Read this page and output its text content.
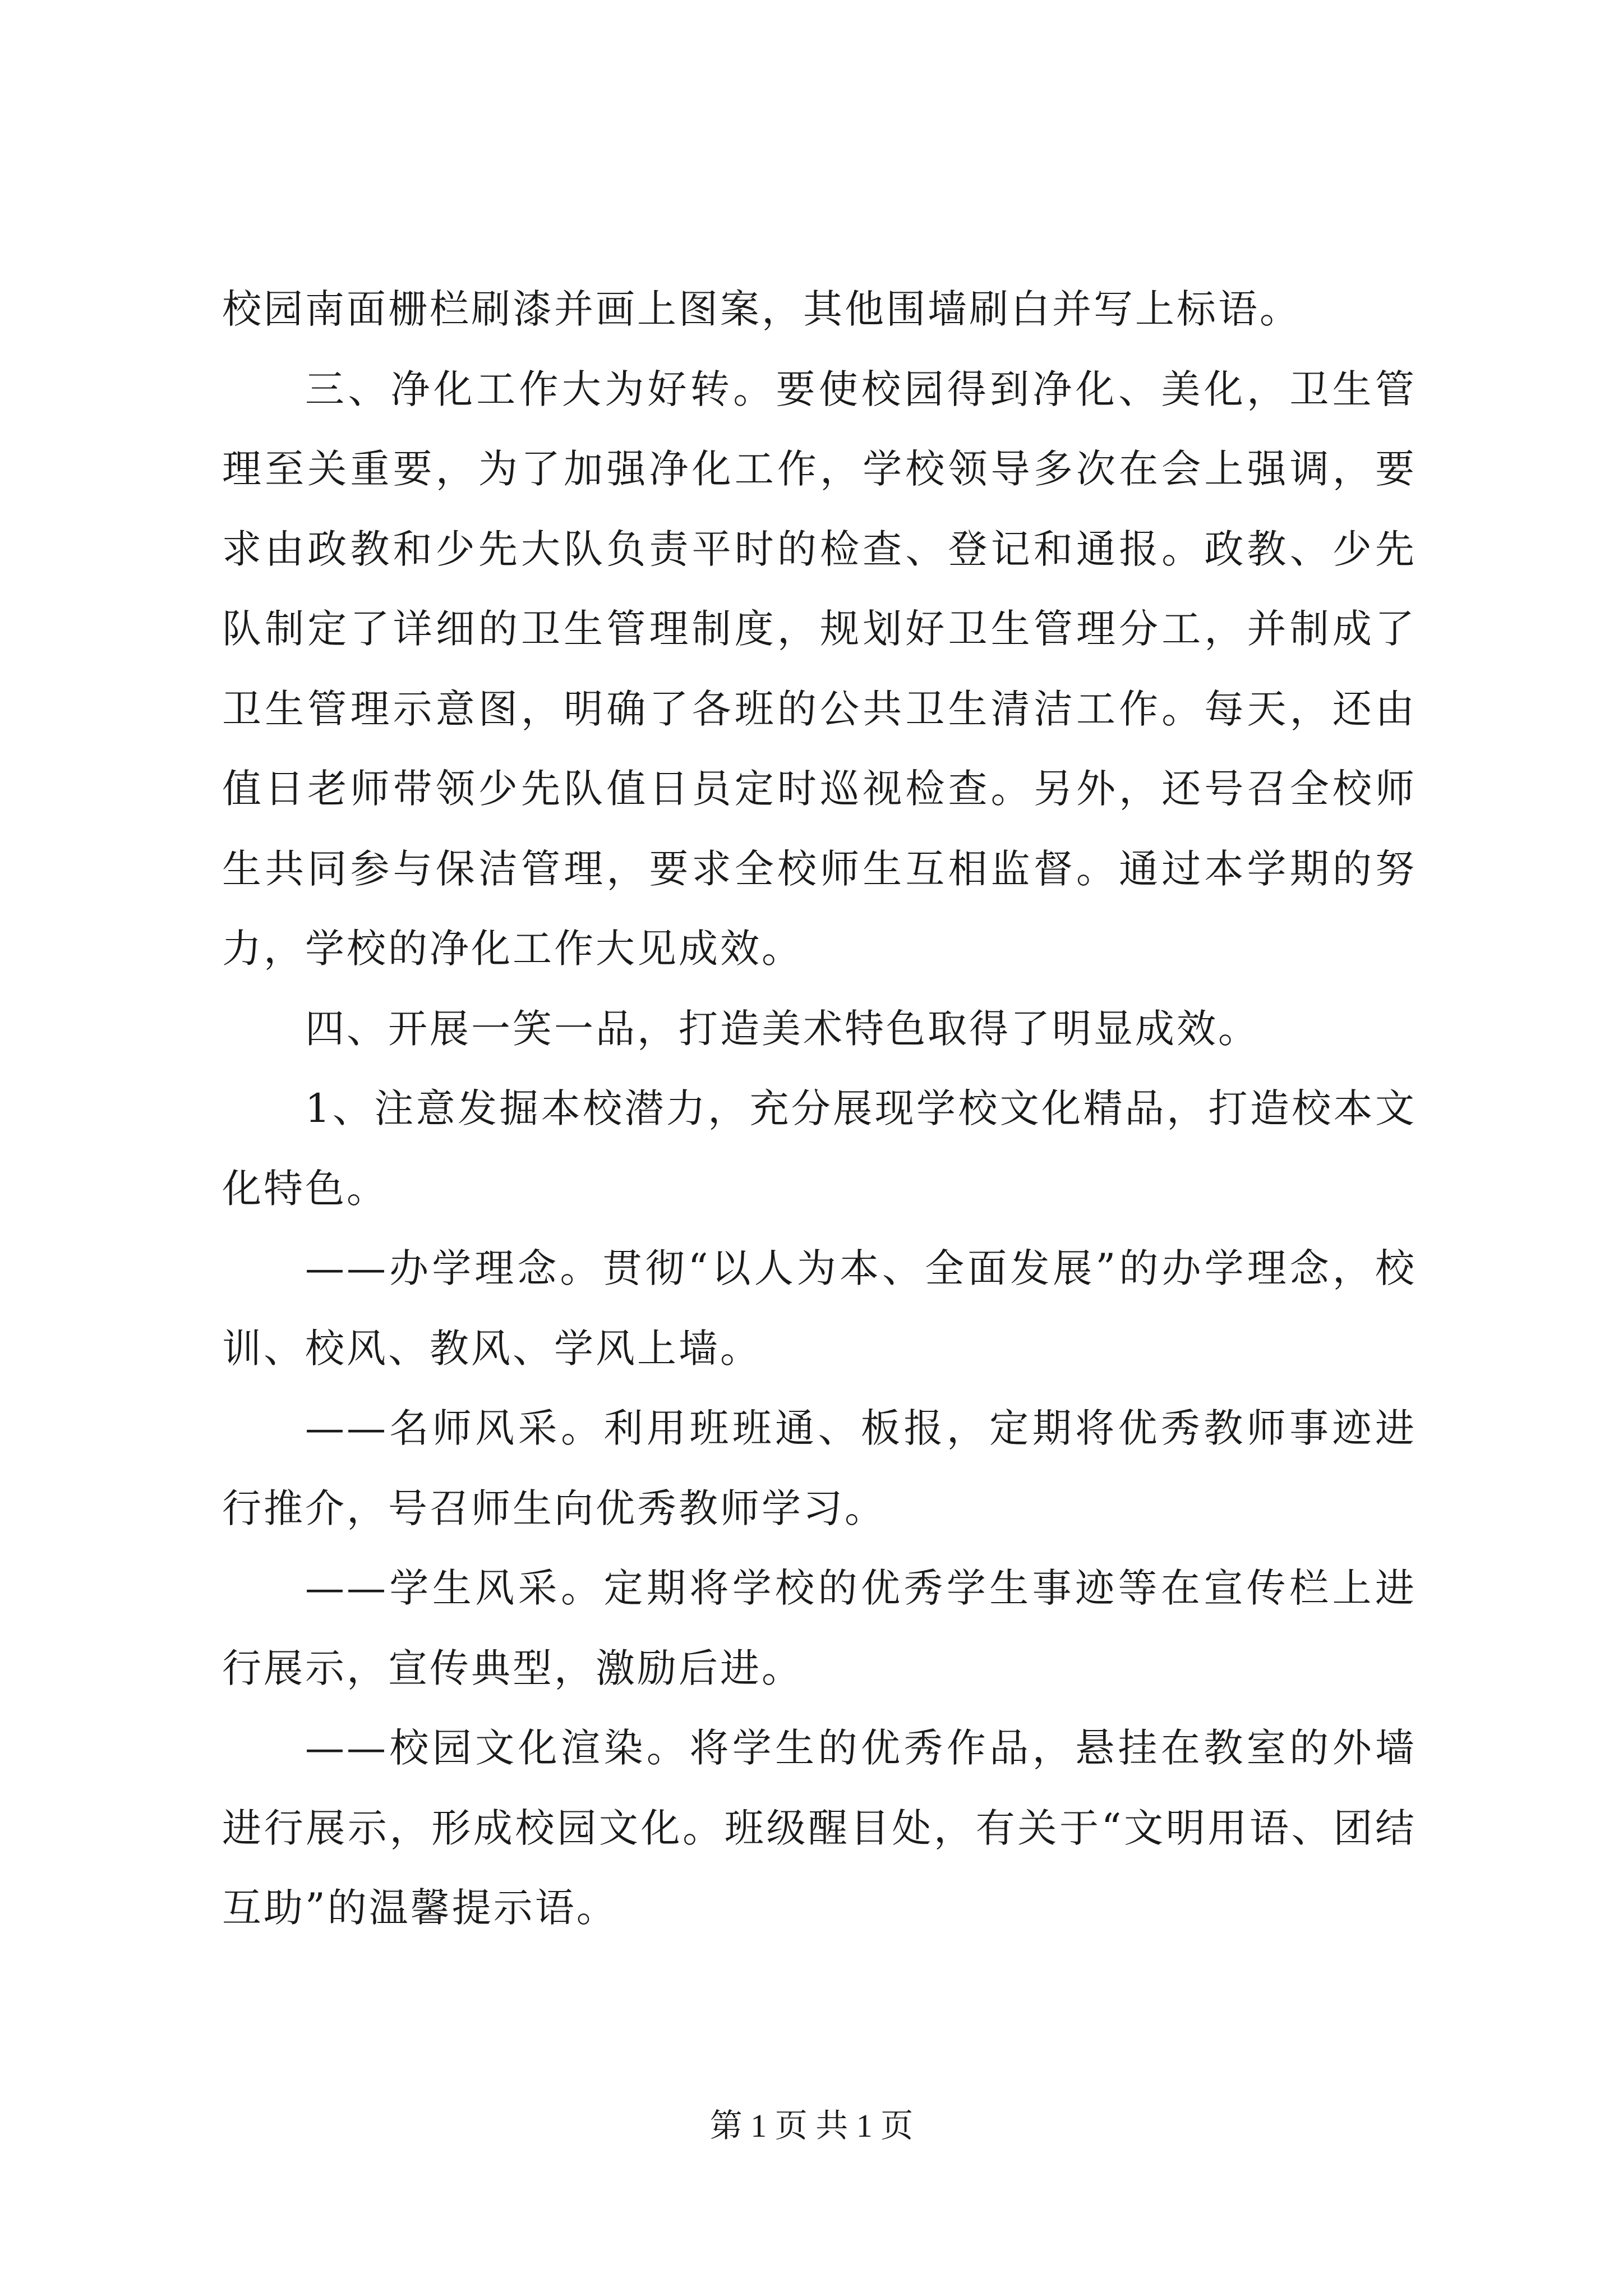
校园南面栅栏刷漆并画上图案，其他围墙刷白并写上标语。

三、净化工作大为好转。要使校园得到净化、美化，卫生管理至关重要，为了加强净化工作，学校领导多次在会上强调，要求由政教和少先大队负责平时的检查、登记和通报。政教、少先队制定了详细的卫生管理制度，规划好卫生管理分工，并制成了卫生管理示意图，明确了各班的公共卫生清洁工作。每天，还由值日老师带领少先队值日员定时巡视检查。另外，还号召全校师生共同参与保洁管理，要求全校师生互相监督。通过本学期的努力，学校的净化工作大见成效。

四、开展一笑一品，打造美术特色取得了明显成效。

1、注意发掘本校潜力，充分展现学校文化精品，打造校本文化特色。

——办学理念。贯彻“以人为本、全面发展”的办学理念，校训、校风、教风、学风上墙。

——名师风采。利用班班通、板报，定期将优秀教师事迹进行推介，号召师生向优秀教师学习。

——学生风采。定期将学校的优秀学生事迹等在宣传栏上进行展示，宣传典型，激励后进。

——校园文化渲染。将学生的优秀作品，悬挂在教室的外墙进行展示，形成校园文化。班级醒目处，有关于“文明用语、团结互助”的温馨提示语。

第 1 页 共 1 页
